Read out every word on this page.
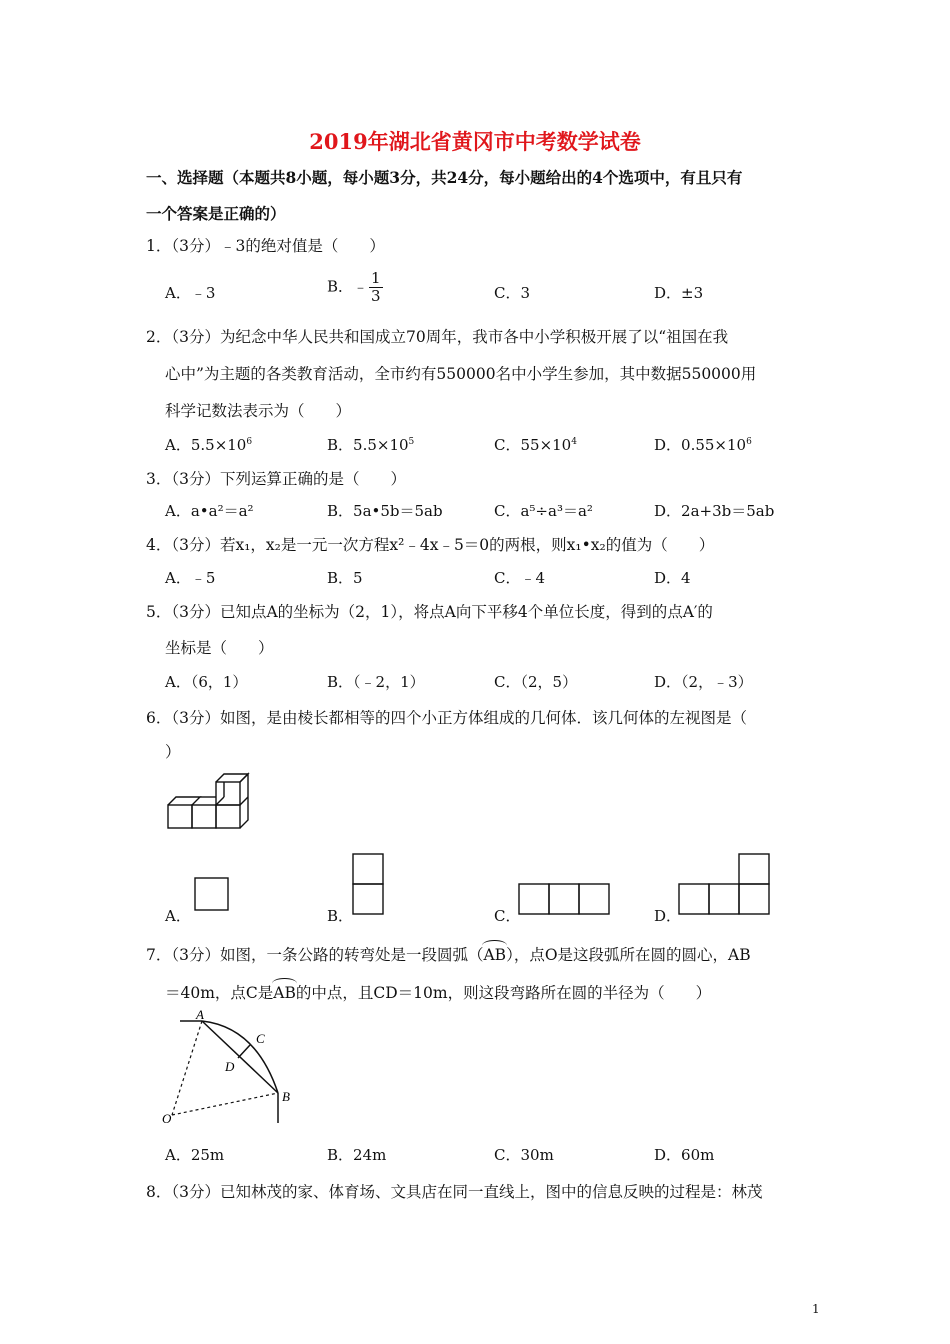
2019年湖北省黄冈市中考数学试卷
一、选择题（本题共8小题，每小题3分，共24分，每小题给出的4个选项中，有且只有
一个答案是正确的）
1．（3分）﹣3的绝对值是（　　）
A．﹣3	B．﹣ $\frac{1}{3}$	C．3	D．±3
2．（3分）为纪念中华人民共和国成立70周年，我市各中小学积极开展了以“祖国在我
心中”为主题的各类教育活动，全市约有550000名中小学生参加，其中数据550000用
科学记数法表示为（　　）
A．$5.5\times 10^6$	B．$5.5\times 10^5$	C．$55\times 10^4$	D．$0.55\times 10^6$
3．（3分）下列运算正确的是（　　）
A．a•a²＝a²	B．5a•5b＝5ab	C．a⁵÷a³＝a²	D．2a+3b＝5ab
4．（3分）若x₁，x₂是一元一次方程x²﹣4x﹣5＝0的两根，则x₁•x₂的值为（　　）
A．﹣5	B．5	C．﹣4	D．4
5．（3分）已知点A的坐标为（2，1），将点A向下平移4个单位长度，得到的点A′的
坐标是（　　）
A．（6，1）	B．（﹣2，1）	C．（2，5）	D．（2，﹣3）
6．（3分）如图，是由棱长都相等的四个小正方体组成的几何体．该几何体的左视图是（
）
A．	B．	C．	D．
7．（3分）如图，一条公路的转弯处是一段圆弧（AB），点O是这段弧所在圆的圆心，AB
＝40m，点C是AB的中点，且CD＝10m，则这段弯路所在圆的半径为（　　）
A
C
D
B
O
A．25m	B．24m	C．30m	D．60m
8．（3分）已知林茂的家、体育场、文具店在同一直线上，图中的信息反映的过程是：林茂
1
